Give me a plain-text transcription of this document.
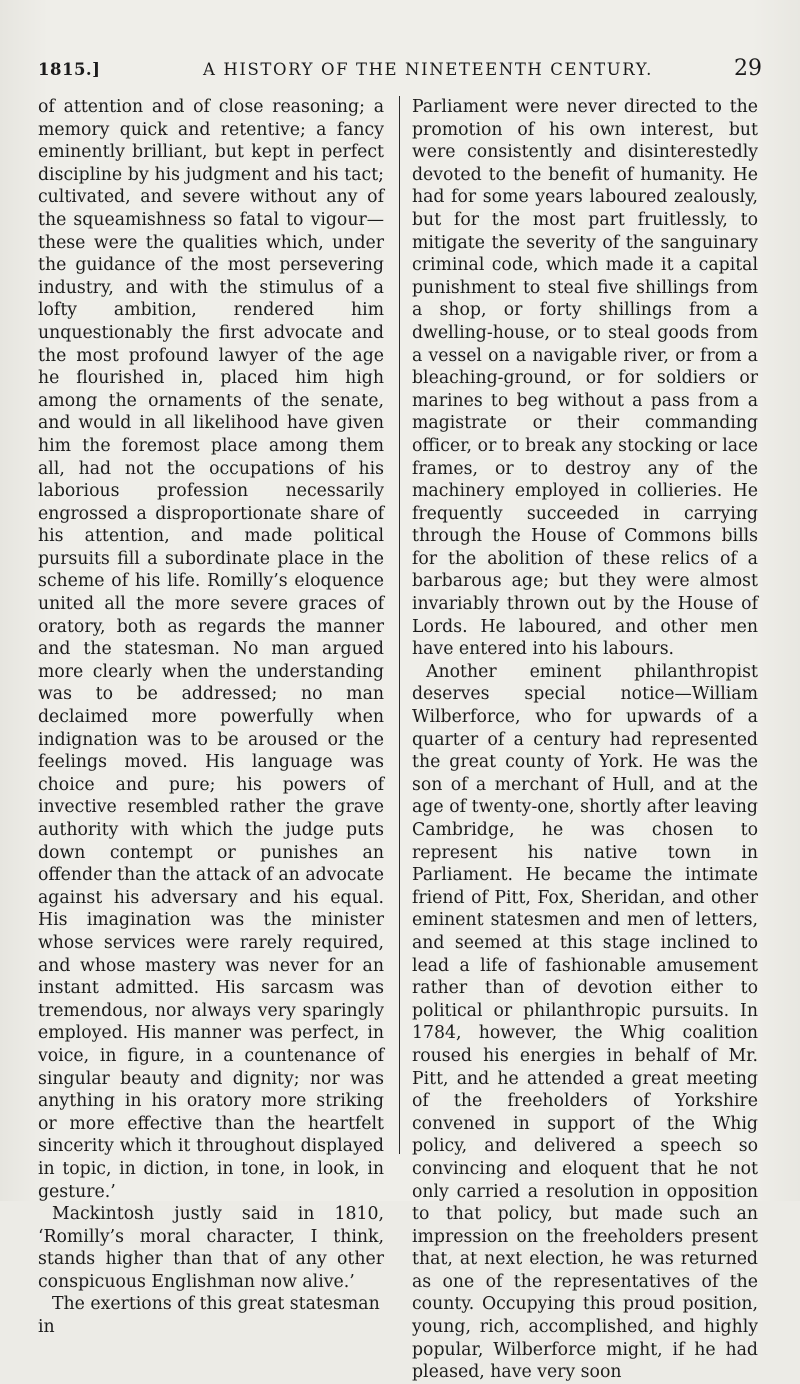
1815.]	A HISTORY OF THE NINETEENTH CENTURY.	29

of attention and of close reasoning; a memory quick and retentive; a fancy eminently brilliant, but kept in perfect discipline by his judgment and his tact; cultivated, and severe without any of the squeamishness so fatal to vigour—these were the qualities which, under the guidance of the most persevering industry, and with the stimulus of a lofty ambition, rendered him unquestionably the first advocate and the most profound lawyer of the age he flourished in, placed him high among the ornaments of the senate, and would in all likelihood have given him the foremost place among them all, had not the occupations of his laborious profession necessarily engrossed a disproportionate share of his attention, and made political pursuits fill a subordinate place in the scheme of his life. Romilly’s eloquence united all the more severe graces of oratory, both as regards the manner and the statesman. No man argued more clearly when the understanding was to be addressed; no man declaimed more powerfully when indignation was to be aroused or the feelings moved. His language was choice and pure; his powers of invective resembled rather the grave authority with which the judge puts down contempt or punishes an offender than the attack of an advocate against his adversary and his equal. His imagination was the minister whose services were rarely required, and whose mastery was never for an instant admitted. His sarcasm was tremendous, nor always very sparingly employed. His manner was perfect, in voice, in figure, in a countenance of singular beauty and dignity; nor was anything in his oratory more striking or more effective than the heartfelt sincerity which it throughout displayed in topic, in diction, in tone, in look, in gesture.’

Mackintosh justly said in 1810, ‘Romilly’s moral character, I think, stands higher than that of any other conspicuous Englishman now alive.’

The exertions of this great statesman in

Parliament were never directed to the promotion of his own interest, but were consistently and disinterestedly devoted to the benefit of humanity. He had for some years laboured zealously, but for the most part fruitlessly, to mitigate the severity of the sanguinary criminal code, which made it a capital punishment to steal five shillings from a shop, or forty shillings from a dwelling-house, or to steal goods from a vessel on a navigable river, or from a bleaching-ground, or for soldiers or marines to beg without a pass from a magistrate or their commanding officer, or to break any stocking or lace frames, or to destroy any of the machinery employed in collieries. He frequently succeeded in carrying through the House of Commons bills for the abolition of these relics of a barbarous age; but they were almost invariably thrown out by the House of Lords. He laboured, and other men have entered into his labours.

Another eminent philanthropist deserves special notice—William Wilberforce, who for upwards of a quarter of a century had represented the great county of York. He was the son of a merchant of Hull, and at the age of twenty-one, shortly after leaving Cambridge, he was chosen to represent his native town in Parliament. He became the intimate friend of Pitt, Fox, Sheridan, and other eminent statesmen and men of letters, and seemed at this stage inclined to lead a life of fashionable amusement rather than of devotion either to political or philanthropic pursuits. In 1784, however, the Whig coalition roused his energies in behalf of Mr. Pitt, and he attended a great meeting of the freeholders of Yorkshire convened in support of the Whig policy, and delivered a speech so convincing and eloquent that he not only carried a resolution in opposition to that policy, but made such an impression on the freeholders present that, at next election, he was returned as one of the representatives of the county. Occupying this proud position, young, rich, accomplished, and highly popular, Wilberforce might, if he had pleased, have very soon
